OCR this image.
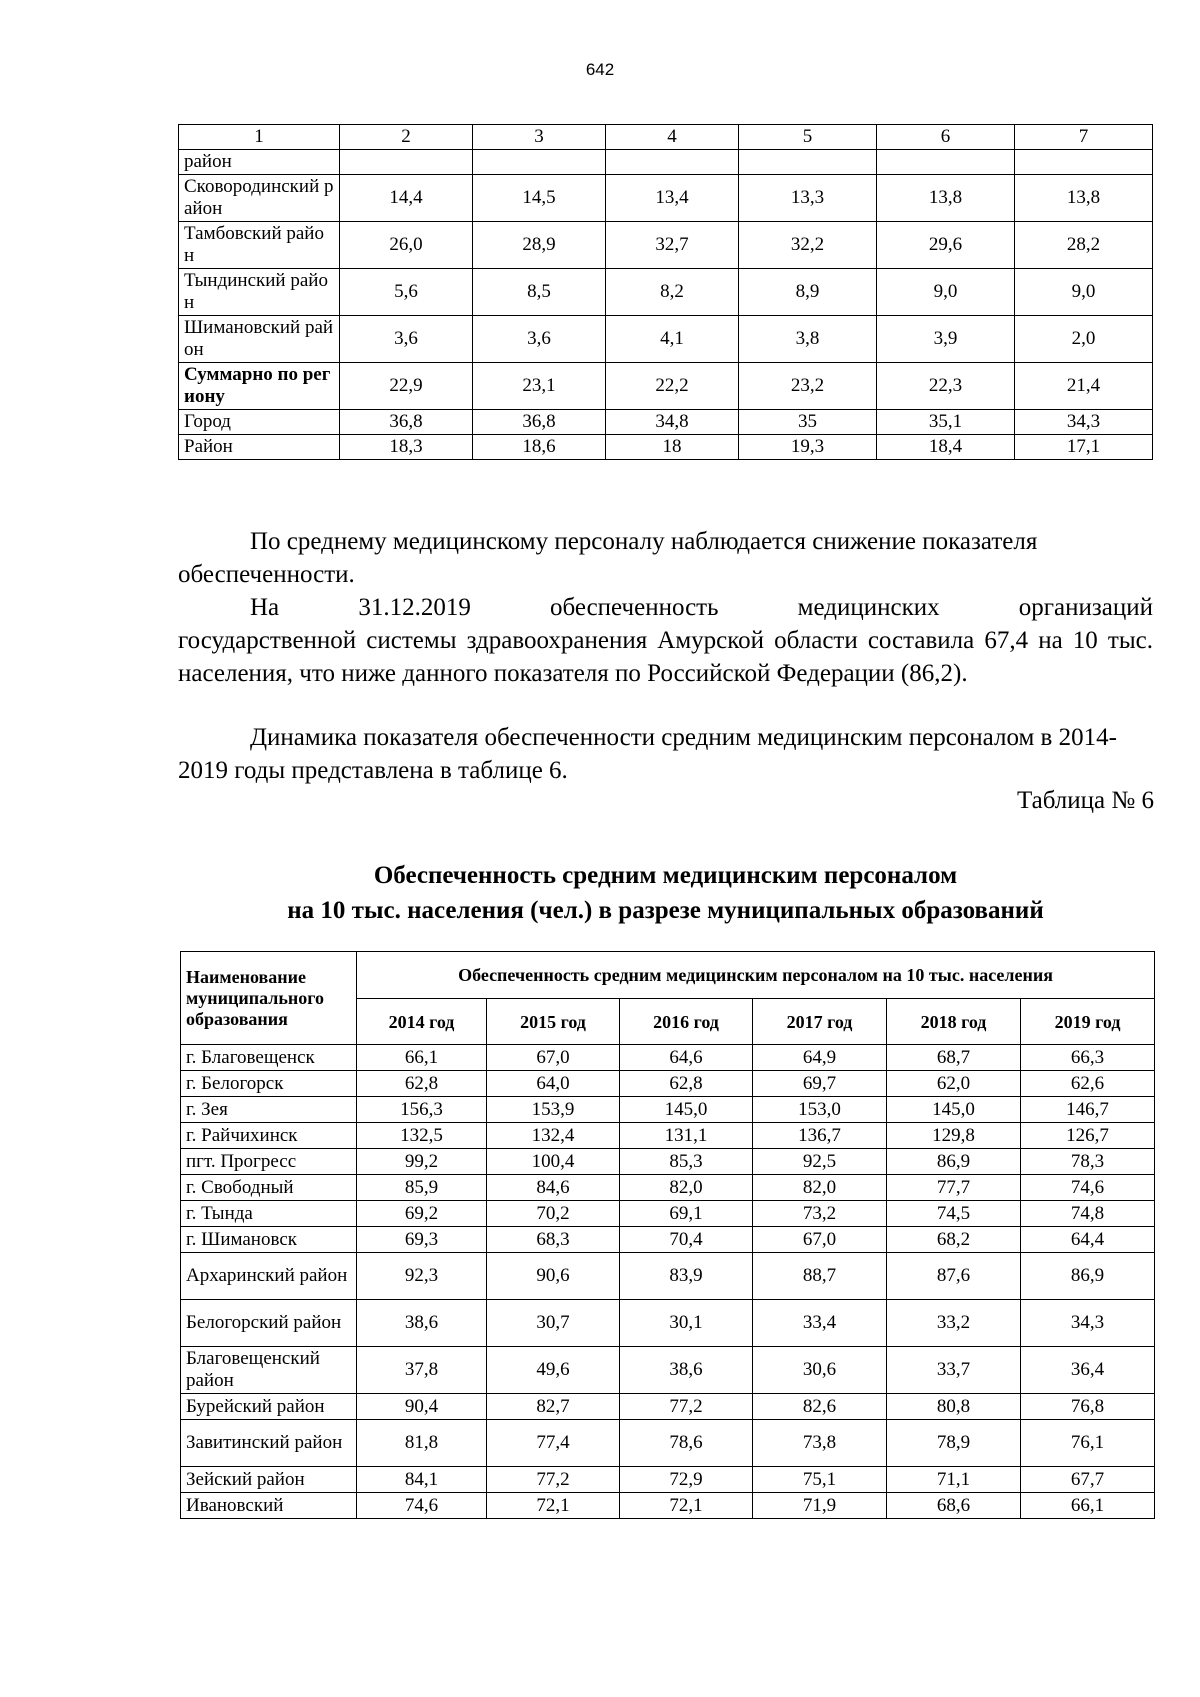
642
1	2	3	4	5	6	7
район						
Сковородинский район	14,4	14,5	13,4	13,3	13,8	13,8
Тамбовский район	26,0	28,9	32,7	32,2	29,6	28,2
Тындинский район	5,6	8,5	8,2	8,9	9,0	9,0
Шимановский район	3,6	3,6	4,1	3,8	3,9	2,0
Суммарно по региону	22,9	23,1	22,2	23,2	22,3	21,4
Город	36,8	36,8	34,8	35	35,1	34,3
Район	18,3	18,6	18	19,3	18,4	17,1
По среднему медицинскому персоналу наблюдается снижение показателя обеспеченности.
На	31.12.2019	обеспеченность	медицинских	организаций
государственной системы здравоохранения Амурской области составила 67,4 на 10 тыс. населения, что ниже данного показателя по Российской Федерации (86,2).
Динамика показателя обеспеченности средним медицинским персоналом в 2014-2019 годы представлена в таблице 6.
Таблица № 6
Обеспеченность средним медицинским персоналом
на 10 тыс. населения (чел.) в разрезе муниципальных образований
Наименование муниципального образования	Обеспеченность средним медицинским персоналом на 10 тыс. населения					
	2014 год	2015 год	2016 год	2017 год	2018 год	2019 год
г. Благовещенск	66,1	67,0	64,6	64,9	68,7	66,3
г. Белогорск	62,8	64,0	62,8	69,7	62,0	62,6
г. Зея	156,3	153,9	145,0	153,0	145,0	146,7
г. Райчихинск	132,5	132,4	131,1	136,7	129,8	126,7
пгт. Прогресс	99,2	100,4	85,3	92,5	86,9	78,3
г. Свободный	85,9	84,6	82,0	82,0	77,7	74,6
г. Тында	69,2	70,2	69,1	73,2	74,5	74,8
г. Шимановск	69,3	68,3	70,4	67,0	68,2	64,4
Архаринский район	92,3	90,6	83,9	88,7	87,6	86,9
Белогорский район	38,6	30,7	30,1	33,4	33,2	34,3
Благовещенский район	37,8	49,6	38,6	30,6	33,7	36,4
Бурейский район	90,4	82,7	77,2	82,6	80,8	76,8
Завитинский район	81,8	77,4	78,6	73,8	78,9	76,1
Зейский район	84,1	77,2	72,9	75,1	71,1	67,7
Ивановский	74,6	72,1	72,1	71,9	68,6	66,1
